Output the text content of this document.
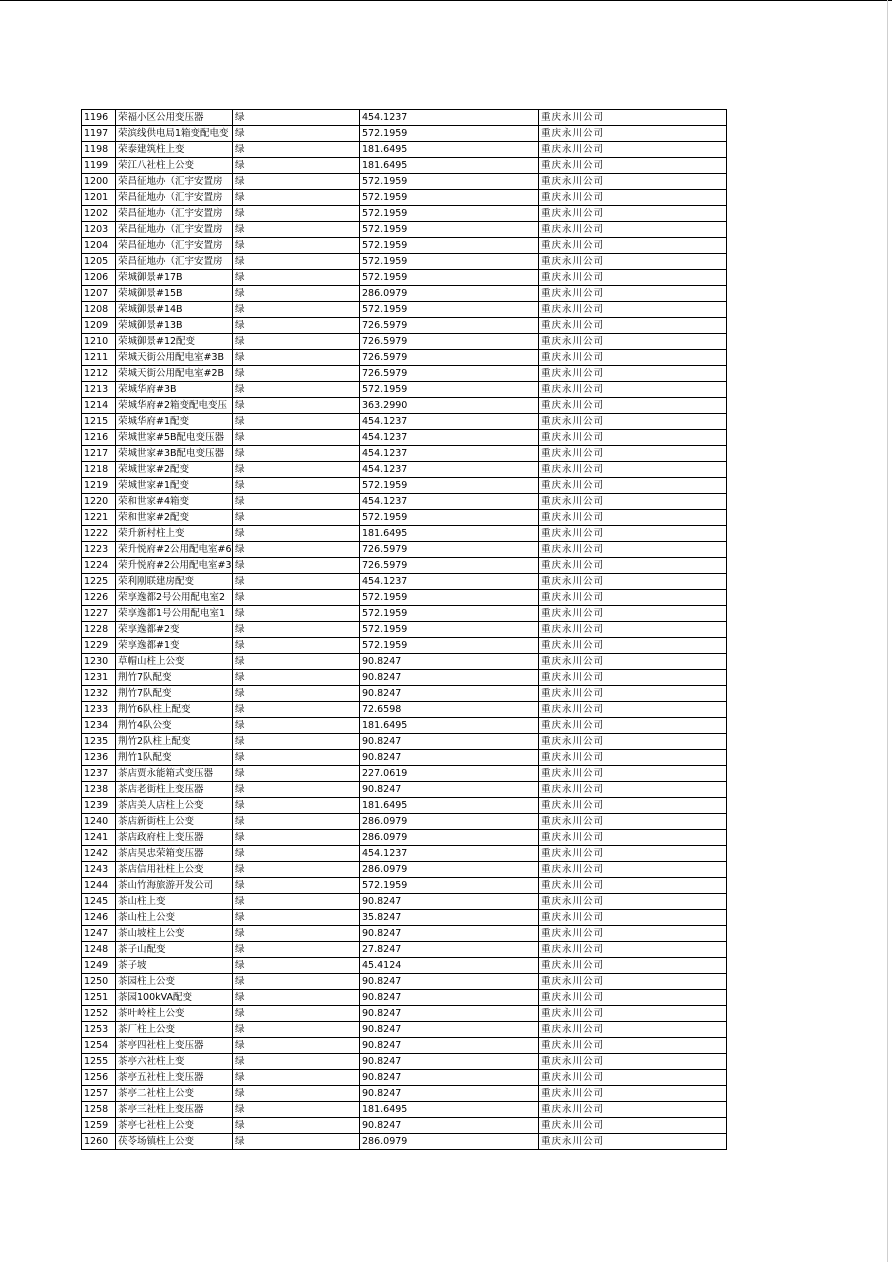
1196	荣福小区公用变压器	绿	454.1237	重庆永川公司
1197	荣滨线供电局1箱变配电变	绿	572.1959	重庆永川公司
1198	荣泰建筑柱上变	绿	181.6495	重庆永川公司
1199	荣江八社柱上公变	绿	181.6495	重庆永川公司
1200	荣昌征地办（汇宇安置房	绿	572.1959	重庆永川公司
1201	荣昌征地办（汇宇安置房	绿	572.1959	重庆永川公司
1202	荣昌征地办（汇宇安置房	绿	572.1959	重庆永川公司
1203	荣昌征地办（汇宇安置房	绿	572.1959	重庆永川公司
1204	荣昌征地办（汇宇安置房	绿	572.1959	重庆永川公司
1205	荣昌征地办（汇宇安置房	绿	572.1959	重庆永川公司
1206	荣城御景#17B	绿	572.1959	重庆永川公司
1207	荣城御景#15B	绿	286.0979	重庆永川公司
1208	荣城御景#14B	绿	572.1959	重庆永川公司
1209	荣城御景#13B	绿	726.5979	重庆永川公司
1210	荣城御景#12配变	绿	726.5979	重庆永川公司
1211	荣城天街公用配电室#3B	绿	726.5979	重庆永川公司
1212	荣城天街公用配电室#2B	绿	726.5979	重庆永川公司
1213	荣城华府#3B	绿	572.1959	重庆永川公司
1214	荣城华府#2箱变配电变压	绿	363.2990	重庆永川公司
1215	荣城华府#1配变	绿	454.1237	重庆永川公司
1216	荣城世家#5B配电变压器	绿	454.1237	重庆永川公司
1217	荣城世家#3B配电变压器	绿	454.1237	重庆永川公司
1218	荣城世家#2配变	绿	454.1237	重庆永川公司
1219	荣城世家#1配变	绿	572.1959	重庆永川公司
1220	荣和世家#4箱变	绿	454.1237	重庆永川公司
1221	荣和世家#2配变	绿	572.1959	重庆永川公司
1222	荣升新村柱上变	绿	181.6495	重庆永川公司
1223	荣升悦府#2公用配电室#6	绿	726.5979	重庆永川公司
1224	荣升悦府#2公用配电室#3	绿	726.5979	重庆永川公司
1225	荣利刚联建房配变	绿	454.1237	重庆永川公司
1226	荣享逸都2号公用配电室2	绿	572.1959	重庆永川公司
1227	荣享逸都1号公用配电室1	绿	572.1959	重庆永川公司
1228	荣享逸都#2变	绿	572.1959	重庆永川公司
1229	荣享逸都#1变	绿	572.1959	重庆永川公司
1230	草帽山柱上公变	绿	90.8247	重庆永川公司
1231	荆竹7队配变	绿	90.8247	重庆永川公司
1232	荆竹7队配变	绿	90.8247	重庆永川公司
1233	荆竹6队柱上配变	绿	72.6598	重庆永川公司
1234	荆竹4队公变	绿	181.6495	重庆永川公司
1235	荆竹2队柱上配变	绿	90.8247	重庆永川公司
1236	荆竹1队配变	绿	90.8247	重庆永川公司
1237	茶店贾永能箱式变压器	绿	227.0619	重庆永川公司
1238	茶店老街柱上变压器	绿	90.8247	重庆永川公司
1239	茶店美人店柱上公变	绿	181.6495	重庆永川公司
1240	茶店新街柱上公变	绿	286.0979	重庆永川公司
1241	茶店政府柱上变压器	绿	286.0979	重庆永川公司
1242	茶店昊忠荣箱变压器	绿	454.1237	重庆永川公司
1243	茶店信用社柱上公变	绿	286.0979	重庆永川公司
1244	茶山竹海旅游开发公司	绿	572.1959	重庆永川公司
1245	茶山柱上变	绿	90.8247	重庆永川公司
1246	茶山柱上公变	绿	35.8247	重庆永川公司
1247	茶山坡柱上公变	绿	90.8247	重庆永川公司
1248	茶子山配变	绿	27.8247	重庆永川公司
1249	茶子坡	绿	45.4124	重庆永川公司
1250	茶园柱上公变	绿	90.8247	重庆永川公司
1251	茶园100kVA配变	绿	90.8247	重庆永川公司
1252	茶叶岭柱上公变	绿	90.8247	重庆永川公司
1253	茶厂柱上公变	绿	90.8247	重庆永川公司
1254	茶亭四社柱上变压器	绿	90.8247	重庆永川公司
1255	茶亭六社柱上变	绿	90.8247	重庆永川公司
1256	茶亭五社柱上变压器	绿	90.8247	重庆永川公司
1257	茶亭二社柱上公变	绿	90.8247	重庆永川公司
1258	茶亭三社柱上变压器	绿	181.6495	重庆永川公司
1259	茶亭七社柱上公变	绿	90.8247	重庆永川公司
1260	茯苓场镇柱上公变	绿	286.0979	重庆永川公司
